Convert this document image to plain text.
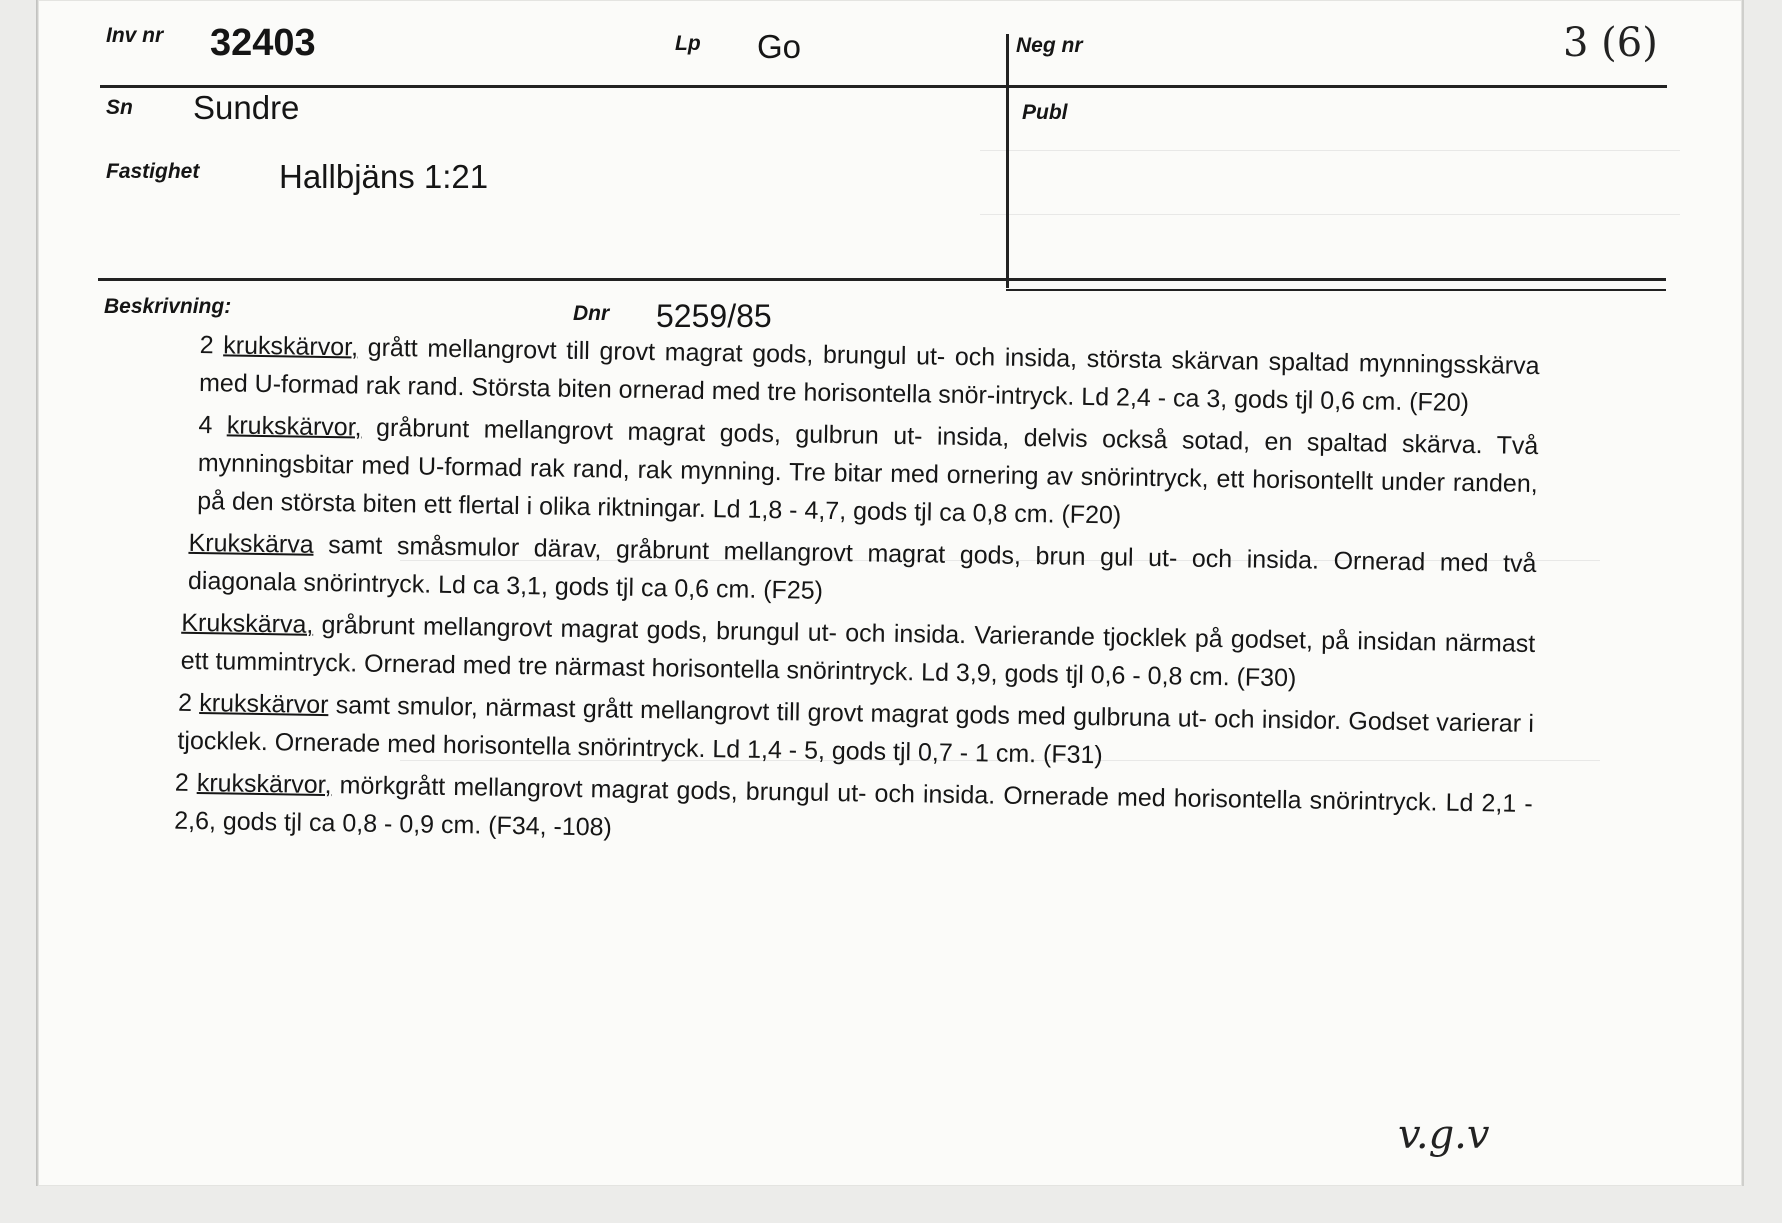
Inv nr 32403	Lp Go	Neg nr	3 (6)
Sn Sundre	Publ
Fastighet Hallbjäns 1:21
Beskrivning:	Dnr 5259/85

2 krukskärvor, grått mellangrovt till grovt magrat gods, brungul ut- och insida, största skärvan spaltad mynningsskärva med U-formad rak rand. Största biten ornerad med tre horisontella snör-intryck. Ld 2,4 - ca 3, gods tjl 0,6 cm. (F20)

4 krukskärvor, gråbrunt mellangrovt magrat gods, gulbrun ut- insida, delvis också sotad, en spaltad skärva. Två mynningsbitar med U-formad rak rand, rak mynning. Tre bitar med ornering av snörintryck, ett horisontellt under randen, på den största biten ett flertal i olika riktningar. Ld 1,8 - 4,7, gods tjl ca 0,8 cm. (F20)

Krukskärva samt småsmulor därav, gråbrunt mellangrovt magrat gods, brun gul ut- och insida. Ornerad med två diagonala snörintryck. Ld ca 3,1, gods tjl ca 0,6 cm. (F25)

Krukskärva, gråbrunt mellangrovt magrat gods, brungul ut- och insida. Varierande tjocklek på godset, på insidan närmast ett tummintryck. Ornerad med tre närmast horisontella snörintryck. Ld 3,9, gods tjl 0,6 - 0,8 cm. (F30)

2 krukskärvor samt smulor, närmast grått mellangrovt till grovt magrat gods med gulbruna ut- och insidor. Godset varierar i tjocklek. Ornerade med horisontella snörintryck. Ld 1,4 - 5, gods tjl 0,7 - 1 cm. (F31)

2 krukskärvor, mörkgrått mellangrovt magrat gods, brungul ut- och insida. Ornerade med horisontella snörintryck. Ld 2,1 - 2,6, gods tjl ca 0,8 - 0,9 cm. (F34, -108)

v.g.v
